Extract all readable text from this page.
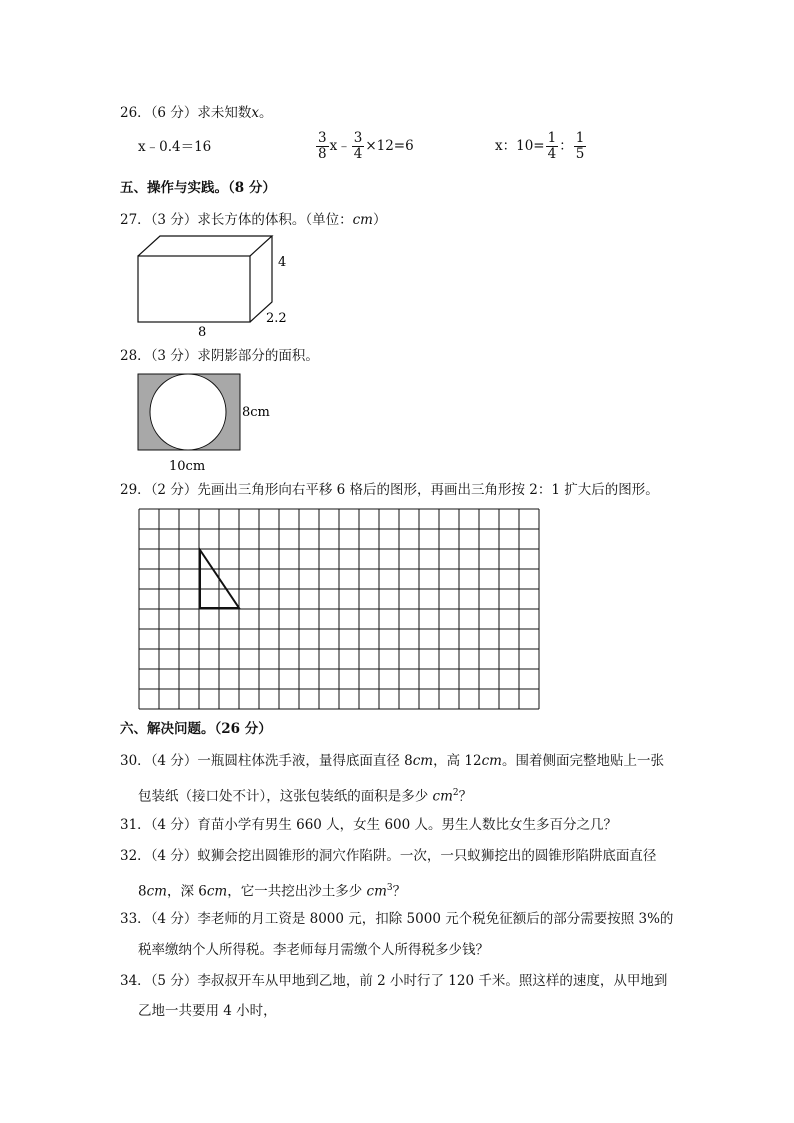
26．（6 分）求未知数x。
x﹣0.4＝16	$\frac{3}{8}$ x﹣ $\frac{3}{4} \times 12=6$	x：$10= \frac{1}{4}$ ： $\frac{1}{5}$
五、操作与实践。（8 分）
27．（3 分）求长方体的体积。（单位：cm）
4
8
2.2
28．（3 分）求阴影部分的面积。
8cm
10cm
29．（2 分）先画出三角形向右平移 6 格后的图形，再画出三角形按 2：1 扩大后的图形。
六、解决问题。（26 分）
30．（4 分）一瓶圆柱体洗手液，量得底面直径 8cm，高 12cm。围着侧面完整地贴上一张
包装纸（接口处不计），这张包装纸的面积是多少 $cm^2$？
31．（4 分）育苗小学有男生 660 人，女生 600 人。男生人数比女生多百分之几？
32．（4 分）蚁狮会挖出圆锥形的洞穴作陷阱。一次，一只蚁狮挖出的圆锥形陷阱底面直径
8cm，深 6cm，它一共挖出沙土多少 $cm^3$？
33．（4 分）李老师的月工资是 8000 元，扣除 5000 元个税免征额后的部分需要按照 3%的
税率缴纳个人所得税。李老师每月需缴个人所得税多少钱？
34．（5 分）李叔叔开车从甲地到乙地，前 2 小时行了 120 千米。照这样的速度，从甲地到
乙地一共要用 4 小时，
